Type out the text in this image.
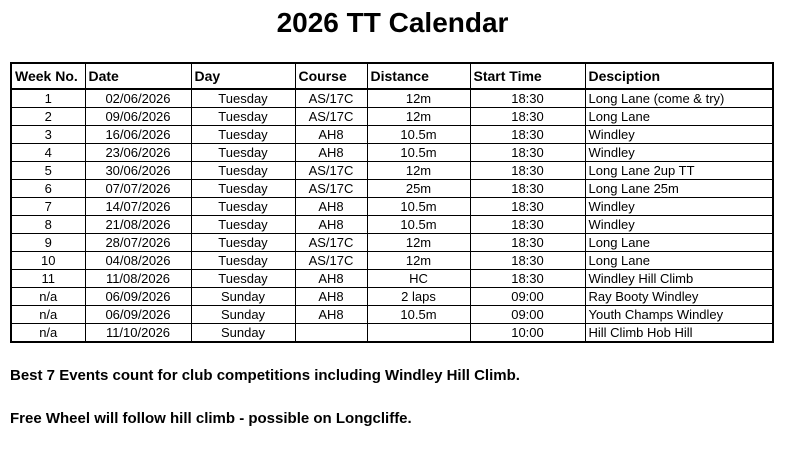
2026 TT Calendar
Week No.	Date	Day	Course	Distance	Start Time	Desciption
1	02/06/2026	Tuesday	AS/17C	12m	18:30	Long Lane (come & try)
2	09/06/2026	Tuesday	AS/17C	12m	18:30	Long Lane
3	16/06/2026	Tuesday	AH8	10.5m	18:30	Windley
4	23/06/2026	Tuesday	AH8	10.5m	18:30	Windley
5	30/06/2026	Tuesday	AS/17C	12m	18:30	Long Lane 2up TT
6	07/07/2026	Tuesday	AS/17C	25m	18:30	Long Lane 25m
7	14/07/2026	Tuesday	AH8	10.5m	18:30	Windley
8	21/08/2026	Tuesday	AH8	10.5m	18:30	Windley
9	28/07/2026	Tuesday	AS/17C	12m	18:30	Long Lane
10	04/08/2026	Tuesday	AS/17C	12m	18:30	Long Lane
11	11/08/2026	Tuesday	AH8	HC	18:30	Windley Hill Climb
n/a	06/09/2026	Sunday	AH8	2 laps	09:00	Ray Booty Windley
n/a	06/09/2026	Sunday	AH8	10.5m	09:00	Youth Champs Windley
n/a	11/10/2026	Sunday			10:00	Hill Climb Hob Hill

Best 7 Events count for club competitions including Windley Hill Climb.

Free Wheel will follow hill climb - possible on Longcliffe.
